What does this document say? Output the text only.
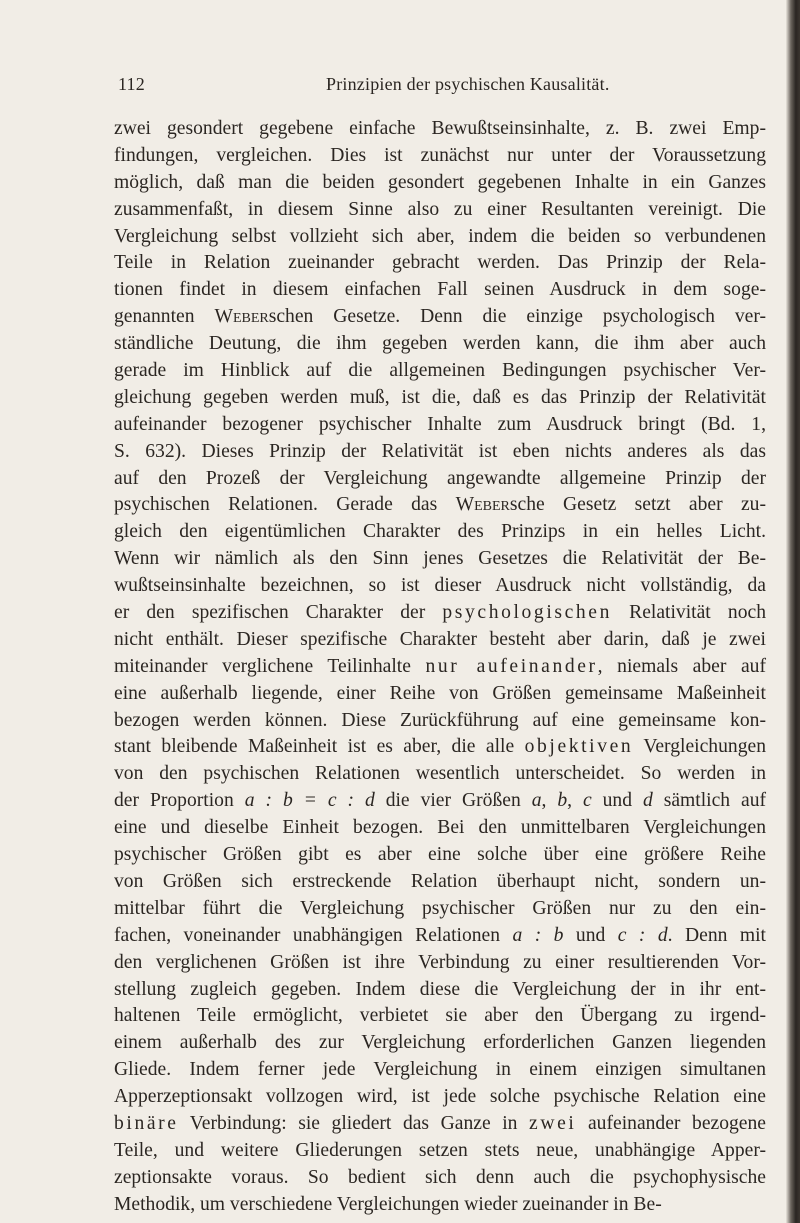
112	Prinzipien der psychischen Kausalität.
zwei gesondert gegebene einfache Bewußtseinsinhalte, z. B. zwei Emp-
findungen, vergleichen. Dies ist zunächst nur unter der Voraussetzung
möglich, daß man die beiden gesondert gegebenen Inhalte in ein Ganzes
zusammenfaßt, in diesem Sinne also zu einer Resultanten vereinigt. Die
Vergleichung selbst vollzieht sich aber, indem die beiden so verbundenen
Teile in Relation zueinander gebracht werden. Das Prinzip der Rela-
tionen findet in diesem einfachen Fall seinen Ausdruck in dem soge-
genannten Weberschen Gesetze. Denn die einzige psychologisch ver-
ständliche Deutung, die ihm gegeben werden kann, die ihm aber auch
gerade im Hinblick auf die allgemeinen Bedingungen psychischer Ver-
gleichung gegeben werden muß, ist die, daß es das Prinzip der Relativität
aufeinander bezogener psychischer Inhalte zum Ausdruck bringt (Bd. 1,
S. 632). Dieses Prinzip der Relativität ist eben nichts anderes als das
auf den Prozeß der Vergleichung angewandte allgemeine Prinzip der
psychischen Relationen. Gerade das Webersche Gesetz setzt aber zu-
gleich den eigentümlichen Charakter des Prinzips in ein helles Licht.
Wenn wir nämlich als den Sinn jenes Gesetzes die Relativität der Be-
wußtseinsinhalte bezeichnen, so ist dieser Ausdruck nicht vollständig, da
er den spezifischen Charakter der psychologischen Relativität noch
nicht enthält. Dieser spezifische Charakter besteht aber darin, daß je zwei
miteinander verglichene Teilinhalte nur aufeinander, niemals aber auf
eine außerhalb liegende, einer Reihe von Größen gemeinsame Maßeinheit
bezogen werden können. Diese Zurückführung auf eine gemeinsame kon-
stant bleibende Maßeinheit ist es aber, die alle objektiven Vergleichungen
von den psychischen Relationen wesentlich unterscheidet. So werden in
der Proportion a : b = c : d die vier Größen a, b, c und d sämtlich auf
eine und dieselbe Einheit bezogen. Bei den unmittelbaren Vergleichungen
psychischer Größen gibt es aber eine solche über eine größere Reihe
von Größen sich erstreckende Relation überhaupt nicht, sondern un-
mittelbar führt die Vergleichung psychischer Größen nur zu den ein-
fachen, voneinander unabhängigen Relationen a : b und c : d. Denn mit
den verglichenen Größen ist ihre Verbindung zu einer resultierenden Vor-
stellung zugleich gegeben. Indem diese die Vergleichung der in ihr ent-
haltenen Teile ermöglicht, verbietet sie aber den Übergang zu irgend-
einem außerhalb des zur Vergleichung erforderlichen Ganzen liegenden
Gliede. Indem ferner jede Vergleichung in einem einzigen simultanen
Apperzeptionsakt vollzogen wird, ist jede solche psychische Relation eine
binäre Verbindung: sie gliedert das Ganze in zwei aufeinander bezogene
Teile, und weitere Gliederungen setzen stets neue, unabhängige Apper-
zeptionsakte voraus. So bedient sich denn auch die psychophysische
Methodik, um verschiedene Vergleichungen wieder zueinander in Be-
